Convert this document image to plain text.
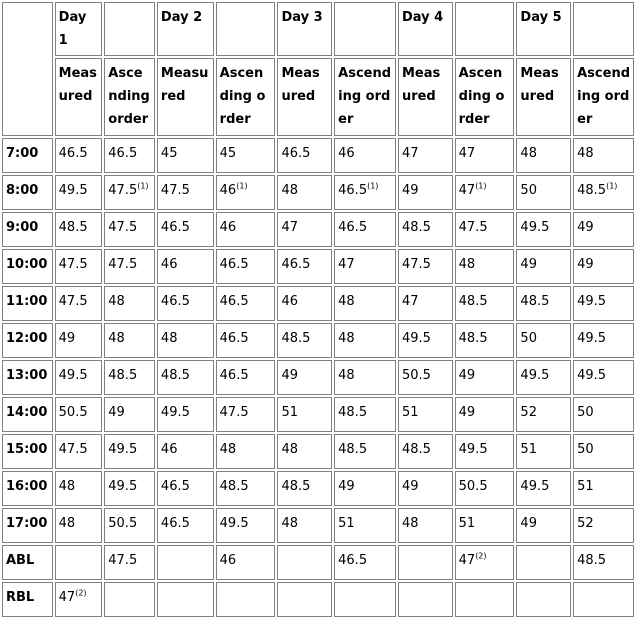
	Day 1		Day 2		Day 3		Day 4		Day 5	
	Measured	Ascending order	Measured	Ascending order	Measured	Ascending order	Measured	Ascending order	Measured	Ascending order
7:00	46.5	46.5	45	45	46.5	46	47	47	48	48
8:00	49.5	47.5$^{(1)}$	47.5	46$^{(1)}$	48	46.5$^{(1)}$	49	47$^{(1)}$	50	48.5$^{(1)}$
9:00	48.5	47.5	46.5	46	47	46.5	48.5	47.5	49.5	49
10:00	47.5	47.5	46	46.5	46.5	47	47.5	48	49	49
11:00	47.5	48	46.5	46.5	46	48	47	48.5	48.5	49.5
12:00	49	48	48	46.5	48.5	48	49.5	48.5	50	49.5
13:00	49.5	48.5	48.5	46.5	49	48	50.5	49	49.5	49.5
14:00	50.5	49	49.5	47.5	51	48.5	51	49	52	50
15:00	47.5	49.5	46	48	48	48.5	48.5	49.5	51	50
16:00	48	49.5	46.5	48.5	48.5	49	49	50.5	49.5	51
17:00	48	50.5	46.5	49.5	48	51	48	51	49	52
ABL		47.5		46		46.5		47$^{(2)}$		48.5
RBL	47$^{(2)}$									
